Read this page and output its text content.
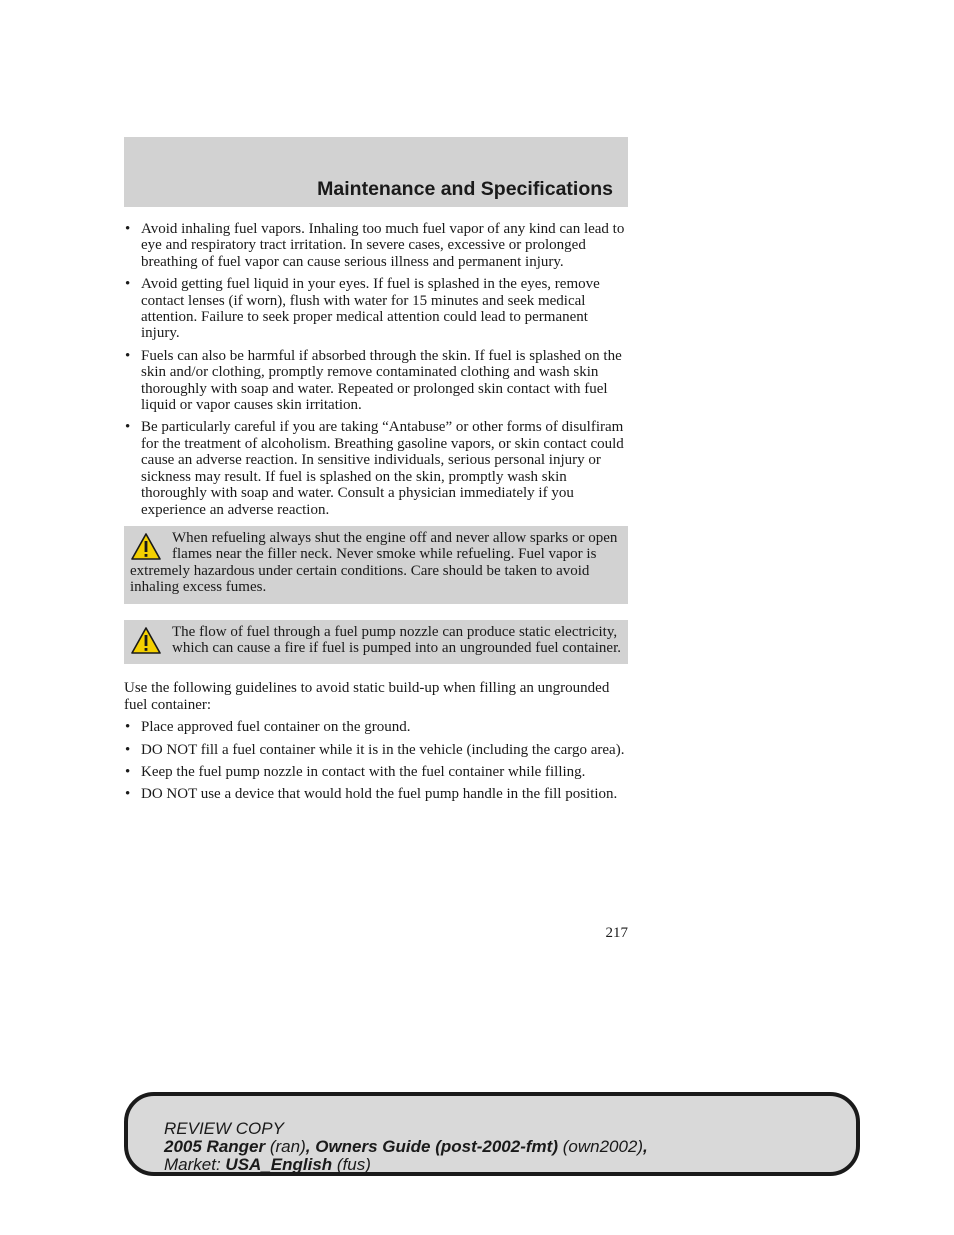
Maintenance and Specifications
• Avoid inhaling fuel vapors. Inhaling too much fuel vapor of any kind can lead to eye and respiratory tract irritation. In severe cases, excessive or prolonged breathing of fuel vapor can cause serious illness and permanent injury.
• Avoid getting fuel liquid in your eyes. If fuel is splashed in the eyes, remove contact lenses (if worn), flush with water for 15 minutes and seek medical attention. Failure to seek proper medical attention could lead to permanent injury.
• Fuels can also be harmful if absorbed through the skin. If fuel is splashed on the skin and/or clothing, promptly remove contaminated clothing and wash skin thoroughly with soap and water. Repeated or prolonged skin contact with fuel liquid or vapor causes skin irritation.
• Be particularly careful if you are taking “Antabuse” or other forms of disulfiram for the treatment of alcoholism. Breathing gasoline vapors, or skin contact could cause an adverse reaction. In sensitive individuals, serious personal injury or sickness may result. If fuel is splashed on the skin, promptly wash skin thoroughly with soap and water. Consult a physician immediately if you experience an adverse reaction.
When refueling always shut the engine off and never allow sparks or open flames near the filler neck. Never smoke while refueling. Fuel vapor is extremely hazardous under certain conditions. Care should be taken to avoid inhaling excess fumes.
The flow of fuel through a fuel pump nozzle can produce static electricity, which can cause a fire if fuel is pumped into an ungrounded fuel container.
Use the following guidelines to avoid static build-up when filling an ungrounded fuel container:
• Place approved fuel container on the ground.
• DO NOT fill a fuel container while it is in the vehicle (including the cargo area).
• Keep the fuel pump nozzle in contact with the fuel container while filling.
• DO NOT use a device that would hold the fuel pump handle in the fill position.
217
REVIEW COPY
2005 Ranger (ran), Owners Guide (post-2002-fmt) (own2002),
Market: USA_English (fus)
